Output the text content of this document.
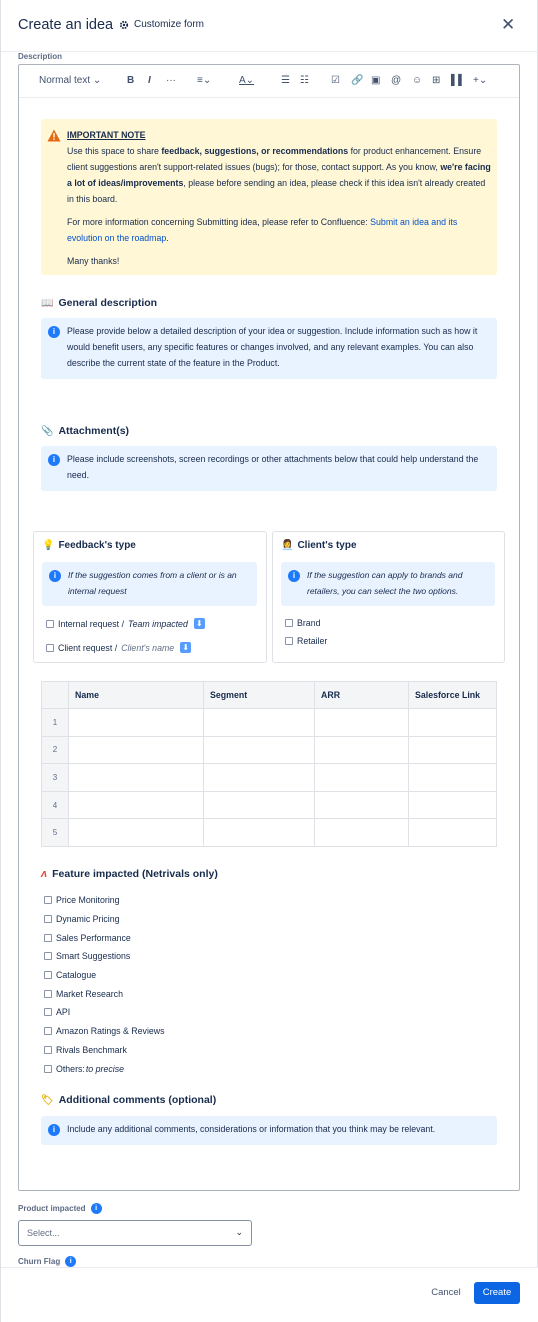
Create an idea Customize form	✕
Description
Normal text ⌄	B I ··· ≡⌄	A⌄	☰ ☷ ☑ 🔗 ▣ @ ☺ ⊞ ▌▌ +⌄
IMPORTANT NOTE

Use this space to share feedback, suggestions, or recommendations for product enhancement. Ensure client suggestions aren't support-related issues (bugs); for those, contact support. As you know, we're facing a lot of ideas/improvements, please before sending an idea, please check if this idea isn't already created in this board.

For more information concerning Submitting idea, please refer to Confluence: Submit an idea and its evolution on the roadmap.

Many thanks!

📖 General description
i	Please provide below a detailed description of your idea or suggestion. Include information such as how it would benefit users, any specific features or changes involved, and any relevant examples. You can also describe the current state of the feature in the Product.
📎 Attachment(s)
i	Please include screenshots, screen recordings or other attachments below that could help understand the need.
💡 Feedback's type
i	If the suggestion comes from a client or is an internal request
Internal request / Team impacted ⬇
Client request / Client's name ⬇
👩‍💼 Client's type
i	If the suggestion can apply to brands and retailers, you can select the two options.
Brand
Retailer
	Name	Segment	ARR	Salesforce Link
1				
2				
3				
4				
5				
ʌ Feature impacted (Netrivals only)
Price Monitoring
Dynamic Pricing
Sales Performance
Smart Suggestions
Catalogue
Market Research
API
Amazon Ratings & Reviews
Rivals Benchmark
Others: to precise
🏷 Additional comments (optional)
i	Include any additional comments, considerations or information that you think may be relevant.
Product impacted	i
Select...	⌄
Churn Flag	i
Cancel	Create
